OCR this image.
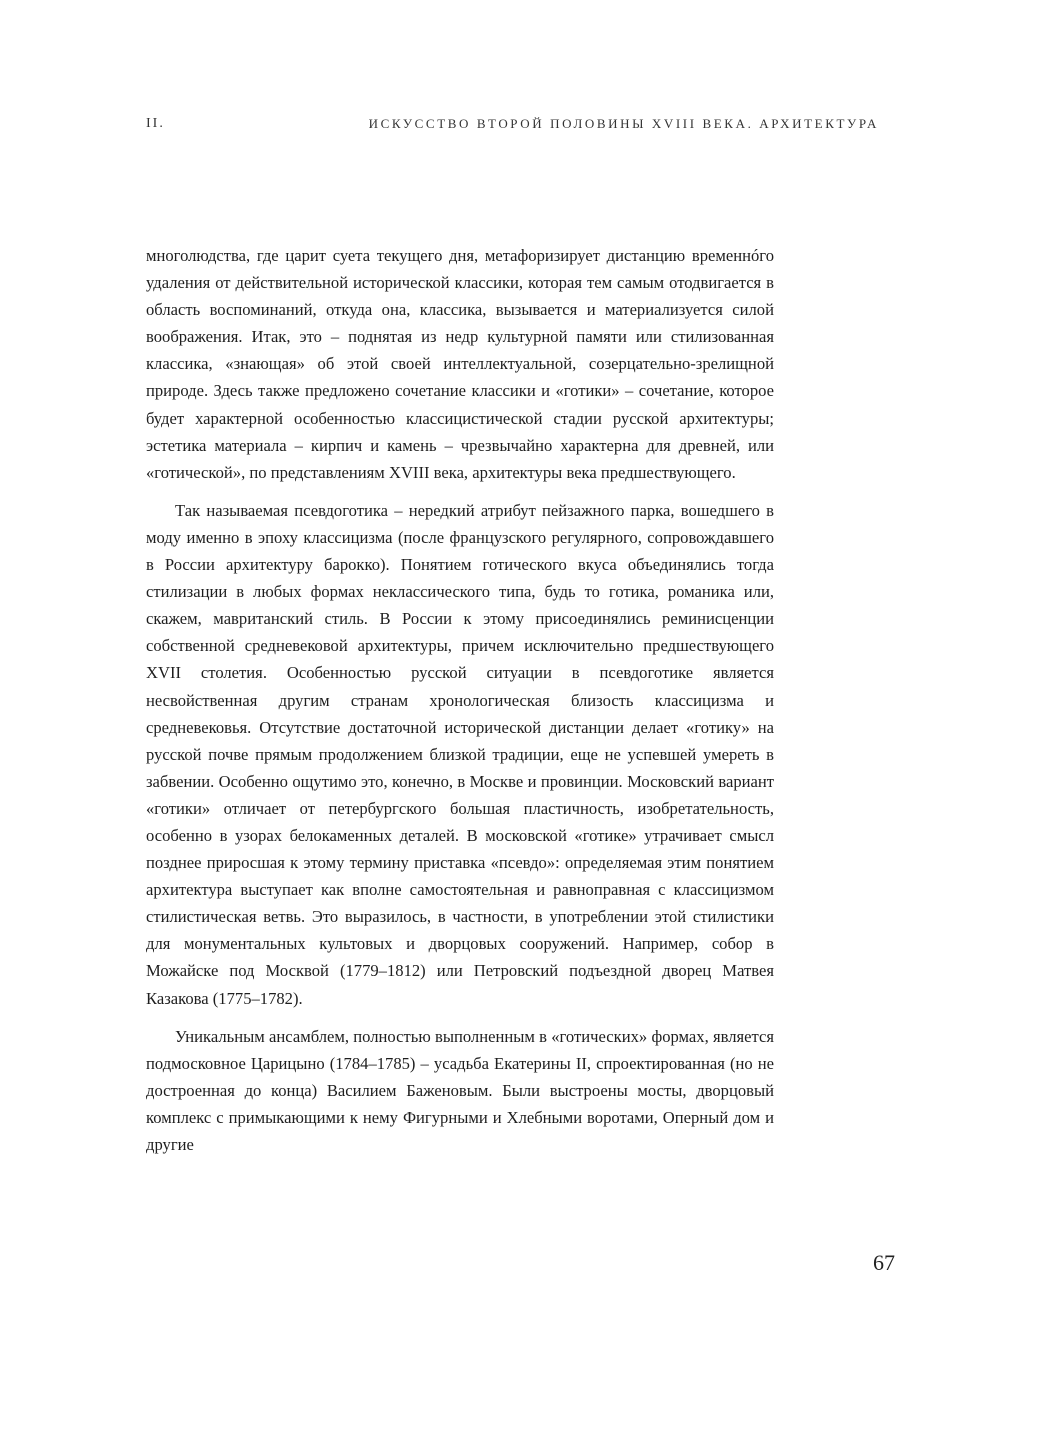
II.	ИСКУССТВО ВТОРОЙ ПОЛОВИНЫ XVIII ВЕКА. АРХИТЕКТУРА

многолюдства, где царит суета текущего дня, метафоризирует дистанцию временнóго удаления от действительной исторической классики, которая тем самым отодвигается в область воспоминаний, откуда она, классика, вызывается и материализуется силой воображения. Итак, это – поднятая из недр культурной памяти или стилизованная классика, «знающая» об этой своей интеллектуальной, созерцательно-зрелищной природе. Здесь также предложено сочетание классики и «готики» – сочетание, которое будет характерной особенностью классицистической стадии русской архитектуры; эстетика материала – кирпич и камень – чрезвычайно характерна для древней, или «готической», по представлениям XVIII века, архитектуры века предшествующего.

Так называемая псевдоготика – нередкий атрибут пейзажного парка, вошедшего в моду именно в эпоху классицизма (после французского регулярного, сопровождавшего в России архитектуру барокко). Понятием готического вкуса объединялись тогда стилизации в любых формах неклассического типа, будь то готика, романика или, скажем, мавританский стиль. В России к этому присоединялись реминисценции собственной средневековой архитектуры, причем исключительно предшествующего XVII столетия. Особенностью русской ситуации в псевдоготике является несвойственная другим странам хронологическая близость классицизма и средневековья. Отсутствие достаточной исторической дистанции делает «готику» на русской почве прямым продолжением близкой традиции, еще не успевшей умереть в забвении. Особенно ощутимо это, конечно, в Москве и провинции. Московский вариант «готики» отличает от петербургского большая пластичность, изобретательность, особенно в узорах белокаменных деталей. В московской «готике» утрачивает смысл позднее приросшая к этому термину приставка «псевдо»: определяемая этим понятием архитектура выступает как вполне самостоятельная и равноправная с классицизмом стилистическая ветвь. Это выразилось, в частности, в употреблении этой стилистики для монументальных культовых и дворцовых сооружений. Например, собор в Можайске под Москвой (1779–1812) или Петровский подъездной дворец Матвея Казакова (1775–1782).

Уникальным ансамблем, полностью выполненным в «готических» формах, является подмосковное Царицыно (1784–1785) – усадьба Екатерины II, спроектированная (но не достроенная до конца) Василием Баженовым. Были выстроены мосты, дворцовый комплекс с примыкающими к нему Фигурными и Хлебными воротами, Оперный дом и другие

67
